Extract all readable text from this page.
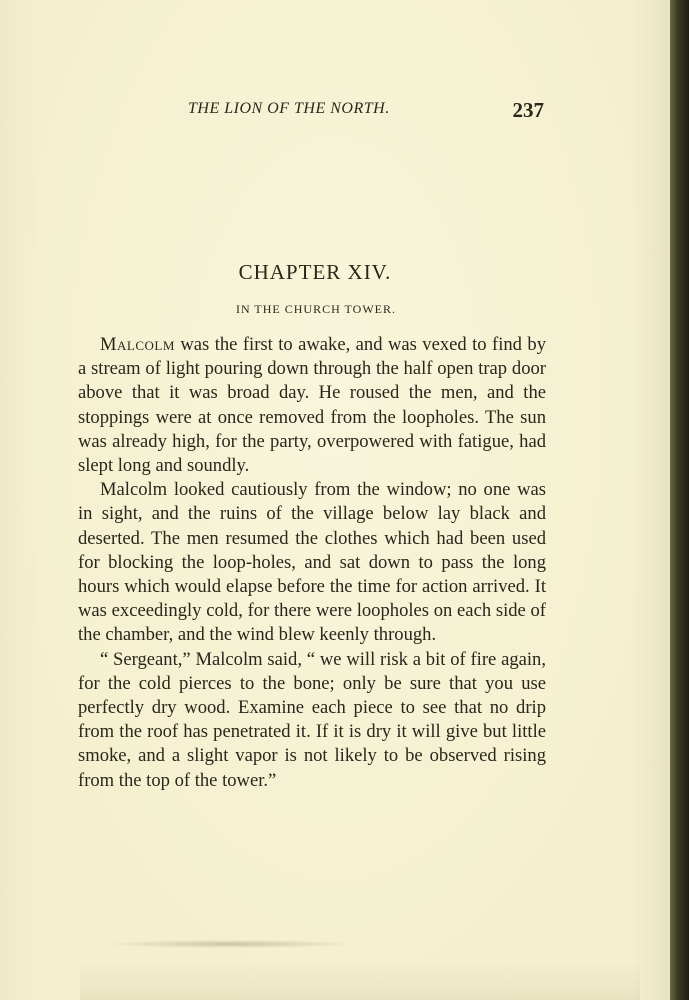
THE LION OF THE NORTH.	237
CHAPTER XIV.
IN THE CHURCH TOWER.

Malcolm was the first to awake, and was vexed to find by a stream of light pouring down through the half open trap door above that it was broad day. He roused the men, and the stoppings were at once removed from the loopholes. The sun was already high, for the party, overpowered with fatigue, had slept long and soundly.

Malcolm looked cautiously from the window; no one was in sight, and the ruins of the village below lay black and deserted. The men resumed the clothes which had been used for blocking the loop-holes, and sat down to pass the long hours which would elapse before the time for action arrived. It was exceedingly cold, for there were loopholes on each side of the chamber, and the wind blew keenly through.

“ Sergeant,” Malcolm said, “ we will risk a bit of fire again, for the cold pierces to the bone; only be sure that you use perfectly dry wood. Examine each piece to see that no drip from the roof has penetrated it. If it is dry it will give but little smoke, and a slight vapor is not likely to be observed rising from the top of the tower.”
